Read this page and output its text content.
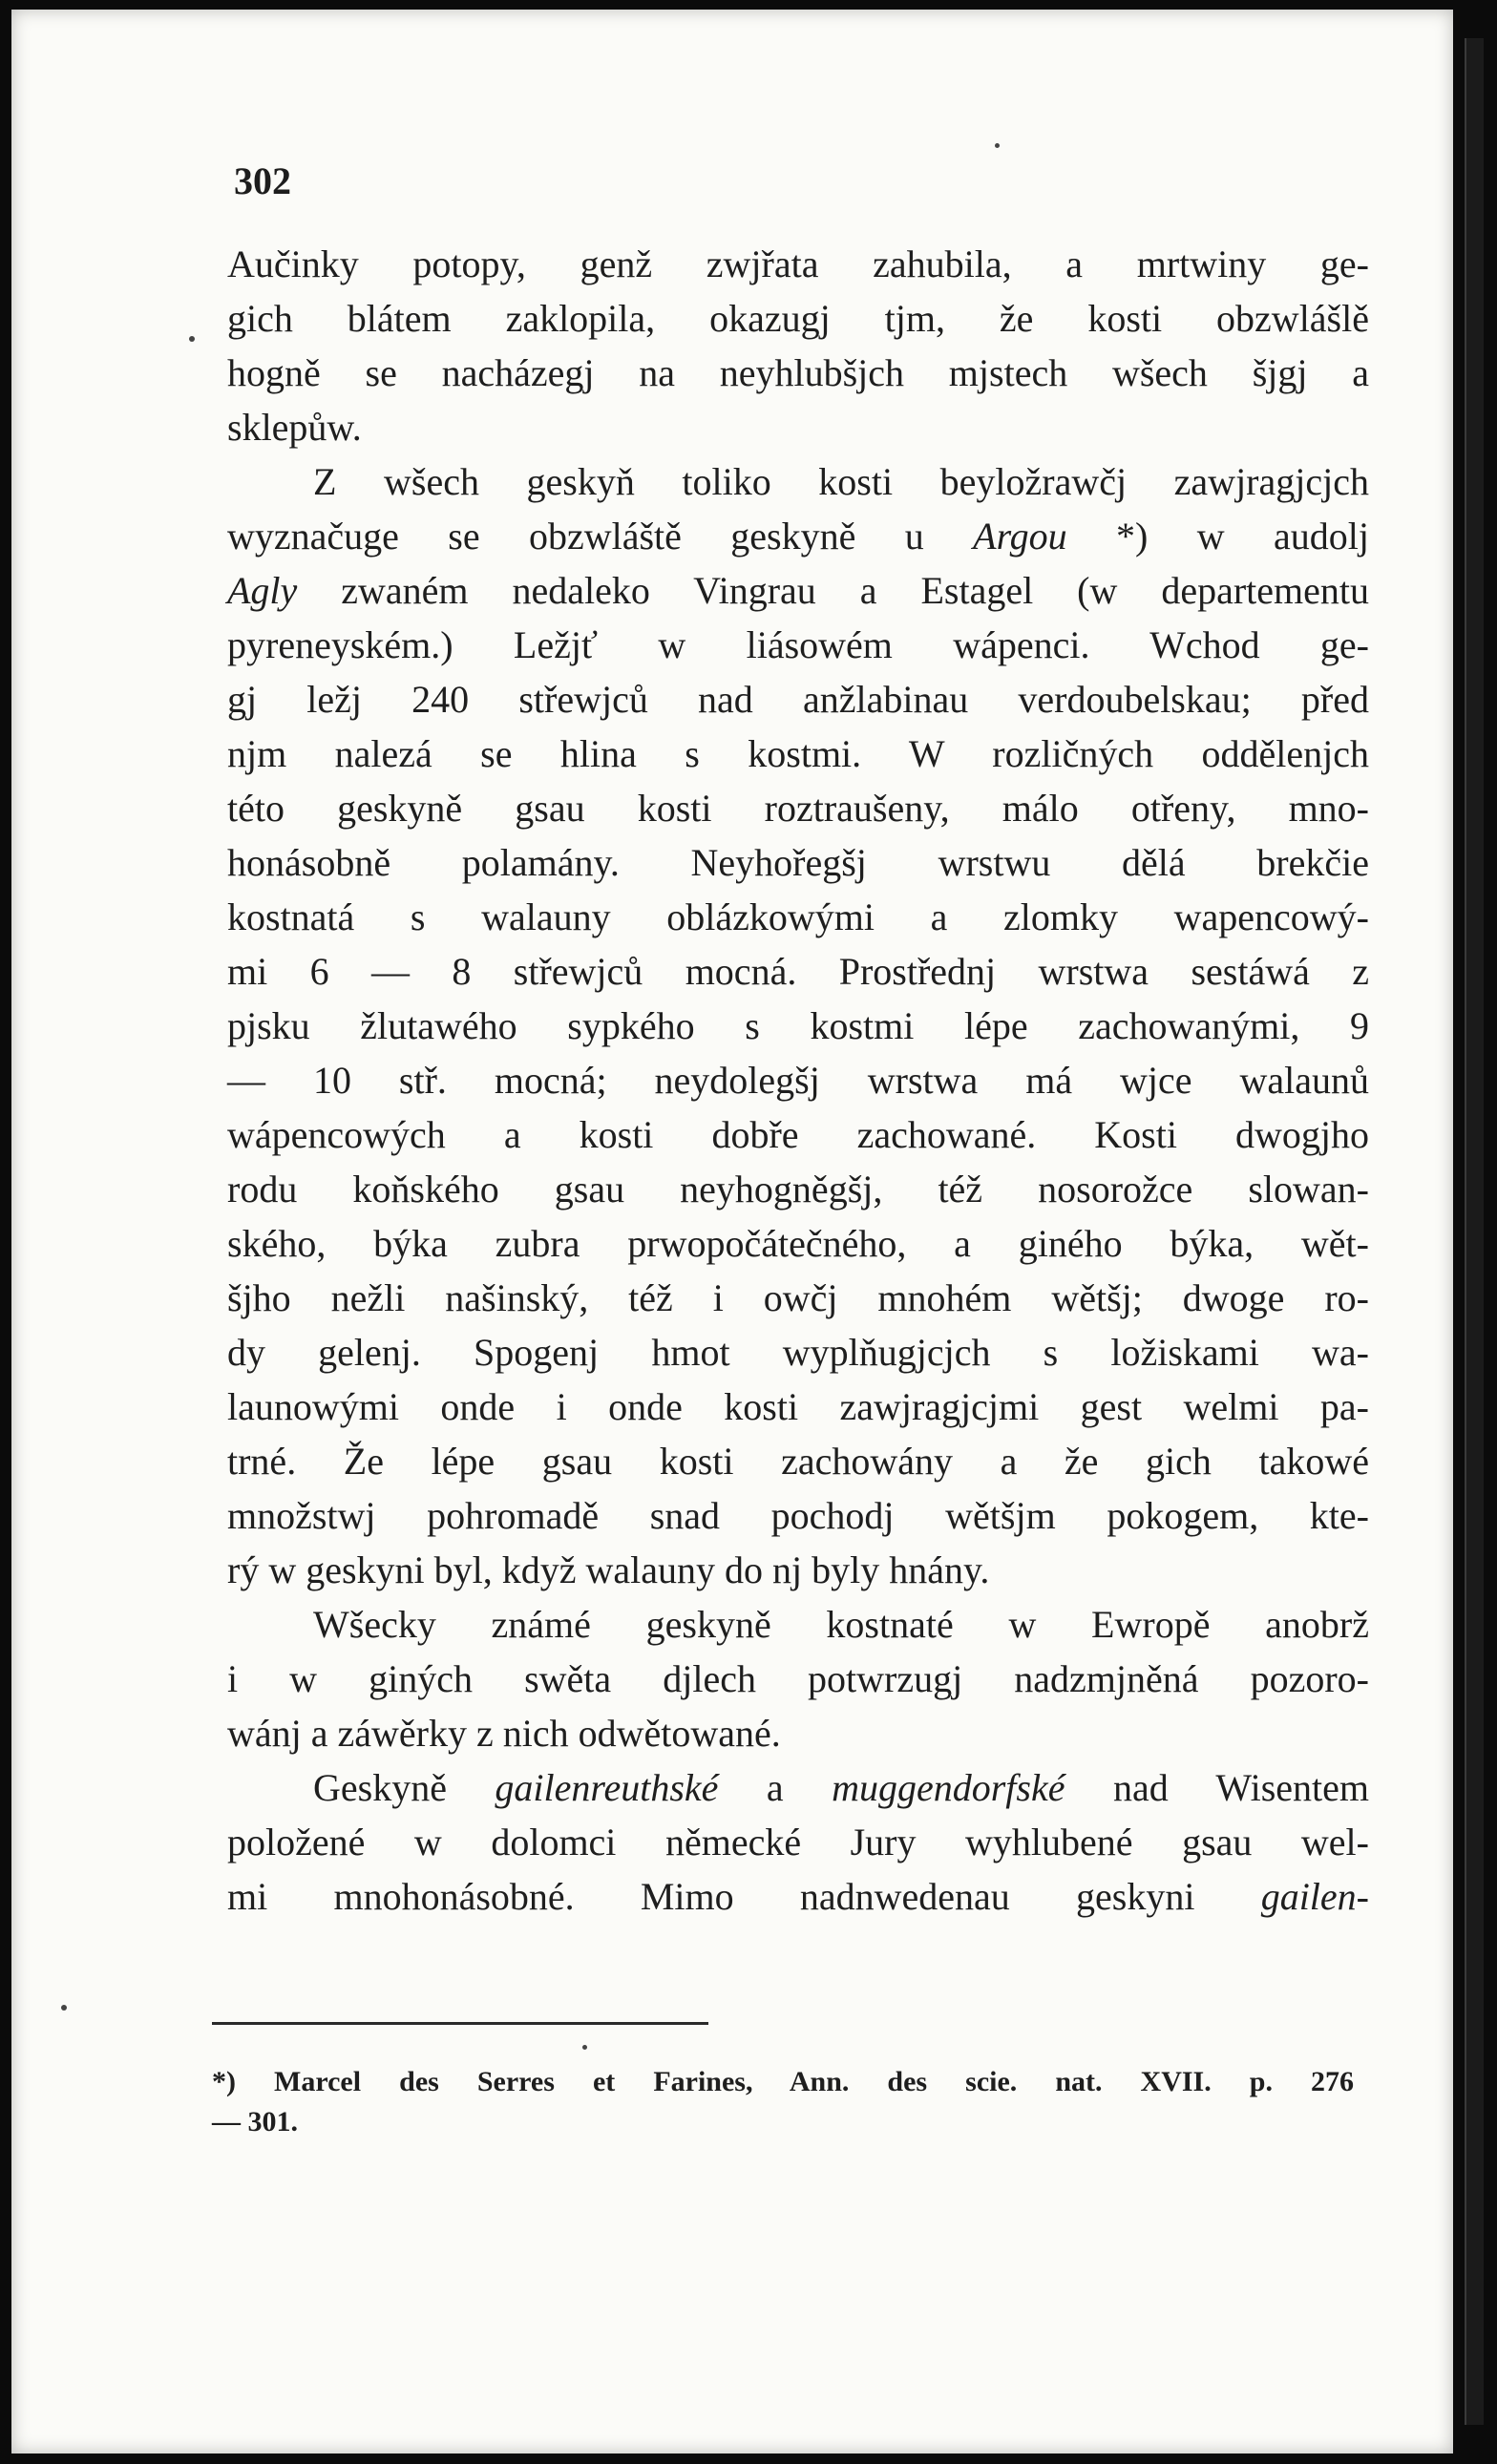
302
Aučinky potopy, genž zwjřata zahubila, a mrtwiny ge-
gich blátem zaklopila, okazugj tjm, že kosti obzwlášlě
hogně se nacházegj na neyhlubšjch mjstech wšech šjgj a
sklepůw.
Z wšech geskyň toliko kosti beyložrawčj zawjragjcjch
wyznačuge se obzwláště geskyně u Argou *) w audolj
Agly zwaném nedaleko Vingrau a Estagel (w departementu
pyreneyském.) Ležjť w liásowém wápenci. Wchod ge-
gj ležj 240 střewjců nad anžlabinau verdoubelskau; před
njm nalezá se hlina s kostmi. W rozličných oddělenjch
této geskyně gsau kosti roztraušeny, málo otřeny, mno-
honásobně polamány. Neyhořegšj wrstwu dělá brekčie
kostnatá s walauny oblázkowými a zlomky wapencowý-
mi 6 — 8 střewjců mocná. Prostřednj wrstwa sestáwá z
pjsku žlutawého sypkého s kostmi lépe zachowanými, 9
— 10 stř. mocná; neydolegšj wrstwa má wjce walaunů
wápencowých a kosti dobře zachowané. Kosti dwogjho
rodu koňského gsau neyhogněgšj, též nosorožce slowan-
ského, býka zubra prwopočátečného, a giného býka, wět-
šjho nežli našinský, též i owčj mnohém wětšj; dwoge ro-
dy gelenj. Spogenj hmot wyplňugjcjch s ložiskami wa-
launowými onde i onde kosti zawjragjcjmi gest welmi pa-
trné. Že lépe gsau kosti zachowány a že gich takowé
množstwj pohromadě snad pochodj wětšjm pokogem, kte-
rý w geskyni byl, když walauny do nj byly hnány.
Wšecky známé geskyně kostnaté w Ewropě anobrž
i w giných swěta djlech potwrzugj nadzmjněná pozoro-
wánj a záwěrky z nich odwětowané.
Geskyně gailenreuthské a muggendorfské nad Wisentem
položené w dolomci německé Jury wyhlubené gsau wel-
mi mnohonásobné. Mimo nadnwedenau geskyni gailen-
*) Marcel des Serres et Farines, Ann. des scie. nat. XVII. p. 276
— 301.
